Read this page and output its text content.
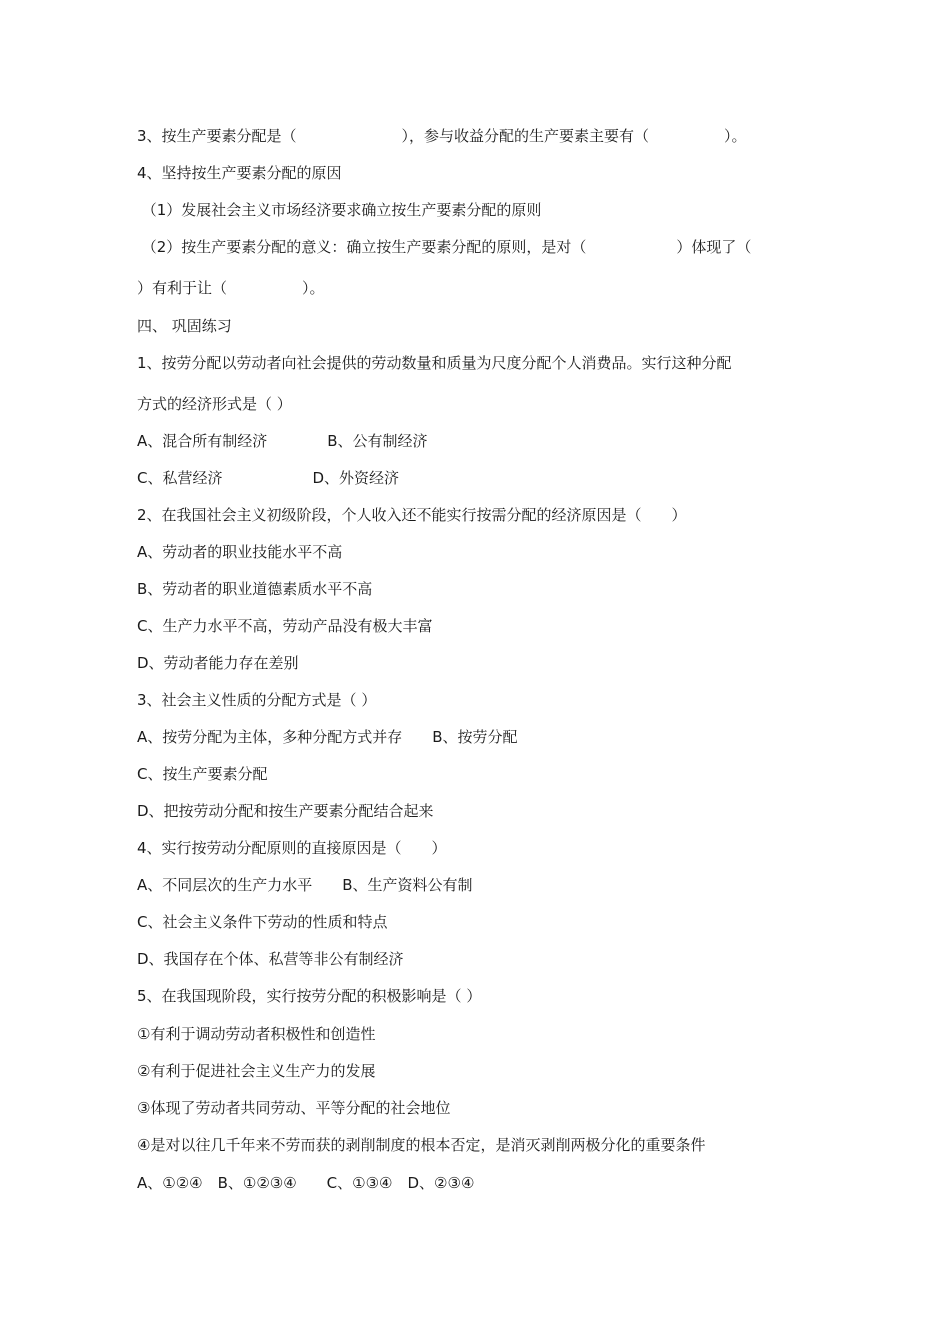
3、按生产要素分配是（　　　　　　　），参与收益分配的生产要素主要有（　　　　　）。
4、坚持按生产要素分配的原因
（1）发展社会主义市场经济要求确立按生产要素分配的原则
（2）按生产要素分配的意义：确立按生产要素分配的原则，是对（　　　　　　）体现了（
）有利于让（　　　　　）。
四、 巩固练习
1、按劳分配以劳动者向社会提供的劳动数量和质量为尺度分配个人消费品。实行这种分配
方式的经济形式是（ ）
A、混合所有制经济　　　　B、公有制经济
C、私营经济　　　　　　D、外资经济
2、在我国社会主义初级阶段，个人收入还不能实行按需分配的经济原因是（　　）
A、劳动者的职业技能水平不高
B、劳动者的职业道德素质水平不高
C、生产力水平不高，劳动产品没有极大丰富
D、劳动者能力存在差别
3、社会主义性质的分配方式是（ ）
A、按劳分配为主体，多种分配方式并存　　B、按劳分配
C、按生产要素分配
D、把按劳动分配和按生产要素分配结合起来
4、实行按劳动分配原则的直接原因是（　　）
A、不同层次的生产力水平　　B、生产资料公有制
C、社会主义条件下劳动的性质和特点
D、我国存在个体、私营等非公有制经济
5、在我国现阶段，实行按劳分配的积极影响是（ ）
①有利于调动劳动者积极性和创造性
②有利于促进社会主义生产力的发展
③体现了劳动者共同劳动、平等分配的社会地位
④是对以往几千年来不劳而获的剥削制度的根本否定，是消灭剥削两极分化的重要条件
A、①②④　B、①②③④　　C、①③④　D、②③④
